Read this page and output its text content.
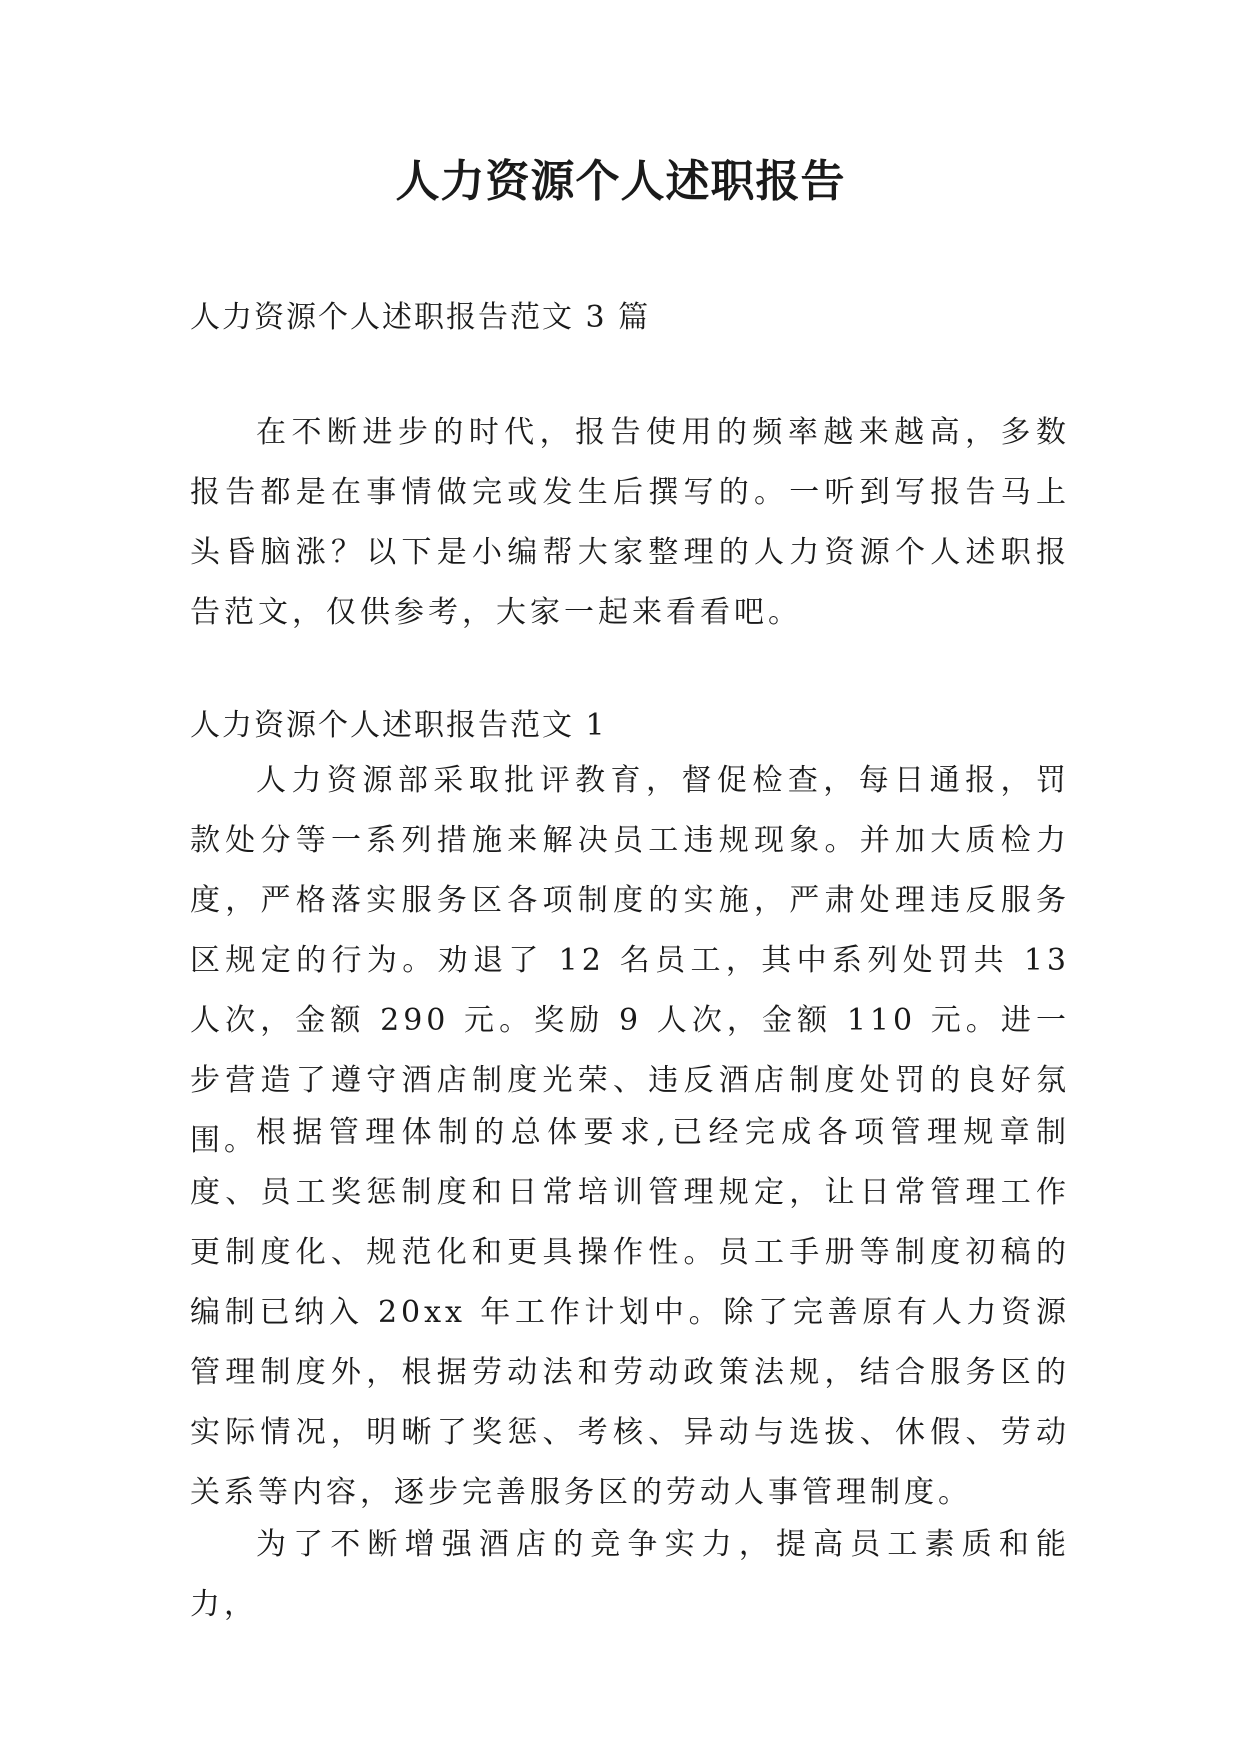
人力资源个人述职报告
人力资源个人述职报告范文 3 篇

在不断进步的时代，报告使用的频率越来越高，多数报告都是在事情做完或发生后撰写的。一听到写报告马上头昏脑涨？以下是小编帮大家整理的人力资源个人述职报告范文，仅供参考，大家一起来看看吧。

人力资源个人述职报告范文 1

人力资源部采取批评教育，督促检查，每日通报，罚款处分等一系列措施来解决员工违规现象。并加大质检力度，严格落实服务区各项制度的实施，严肃处理违反服务区规定的行为。劝退了 12 名员工，其中系列处罚共 13 人次，金额 290 元。奖励 9 人次，金额 110 元。进一步营造了遵守酒店制度光荣、违反酒店制度处罚的良好氛围。

根据管理体制的总体要求,已经完成各项管理规章制度、员工奖惩制度和日常培训管理规定，让日常管理工作更制度化、规范化和更具操作性。员工手册等制度初稿的编制已纳入 20xx 年工作计划中。除了完善原有人力资源管理制度外，根据劳动法和劳动政策法规，结合服务区的实际情况，明晰了奖惩、考核、异动与选拔、休假、劳动关系等内容，逐步完善服务区的劳动人事管理制度。

为了不断增强酒店的竞争实力，提高员工素质和能力，
